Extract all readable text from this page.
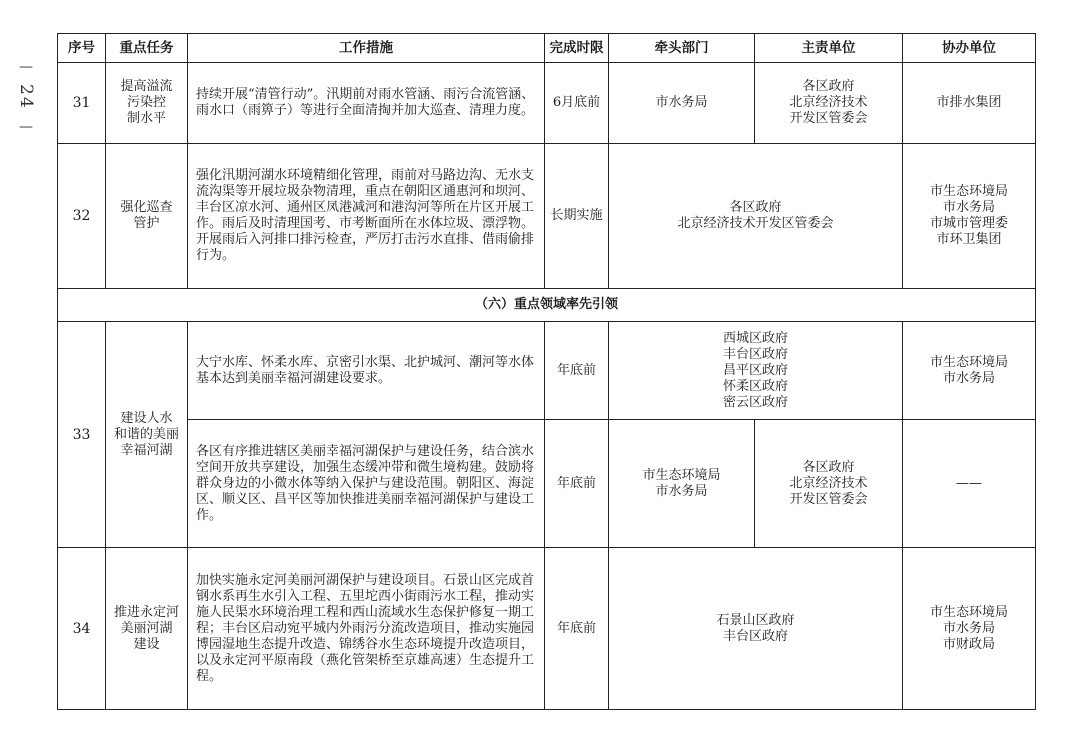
—
24
—
序号	重点任务	工作措施	完成时限	牵头部门	主责单位	协办单位
31	提高溢流
污染控
制水平	持续开展“清管行动”。汛期前对雨水管涵、雨污合流管涵、雨水口（雨箅子）等进行全面清掏并加大巡查、清理力度。	6月底前	市水务局	各区政府
北京经济技术
开发区管委会	市排水集团
32	强化巡查
管护	强化汛期河湖水环境精细化管理，雨前对马路边沟、无水支流沟渠等开展垃圾杂物清理，重点在朝阳区通惠河和坝河、丰台区凉水河、通州区凤港减河和港沟河等所在片区开展工作。雨后及时清理国考、市考断面所在水体垃圾、漂浮物。开展雨后入河排口排污检查，严厉打击污水直排、借雨偷排行为。	长期实施	各区政府
北京经济技术开发区管委会		市生态环境局
市水务局
市城市管理委
市环卫集团
（六）重点领域率先引领						
33	建设人水
和谐的美丽
幸福河湖	大宁水库、怀柔水库、京密引水渠、北护城河、潮河等水体基本达到美丽幸福河湖建设要求。	年底前	西城区政府
丰台区政府
昌平区政府
怀柔区政府
密云区政府		市生态环境局
市水务局
		各区有序推进辖区美丽幸福河湖保护与建设任务，结合滨水空间开放共享建设，加强生态缓冲带和微生境构建。鼓励将群众身边的小微水体等纳入保护与建设范围。朝阳区、海淀区、顺义区、昌平区等加快推进美丽幸福河湖保护与建设工作。	年底前	市生态环境局
市水务局	各区政府
北京经济技术
开发区管委会	——
34	推进永定河
美丽河湖
建设	加快实施永定河美丽河湖保护与建设项目。石景山区完成首钢水系再生水引入工程、五里坨西小街雨污水工程，推动实施人民渠水环境治理工程和西山流域水生态保护修复一期工程；丰台区启动宛平城内外雨污分流改造项目，推动实施园博园湿地生态提升改造、锦绣谷水生态环境提升改造项目，以及永定河平原南段（燕化管架桥至京雄高速）生态提升工程。	年底前	石景山区政府
丰台区政府		市生态环境局
市水务局
市财政局
